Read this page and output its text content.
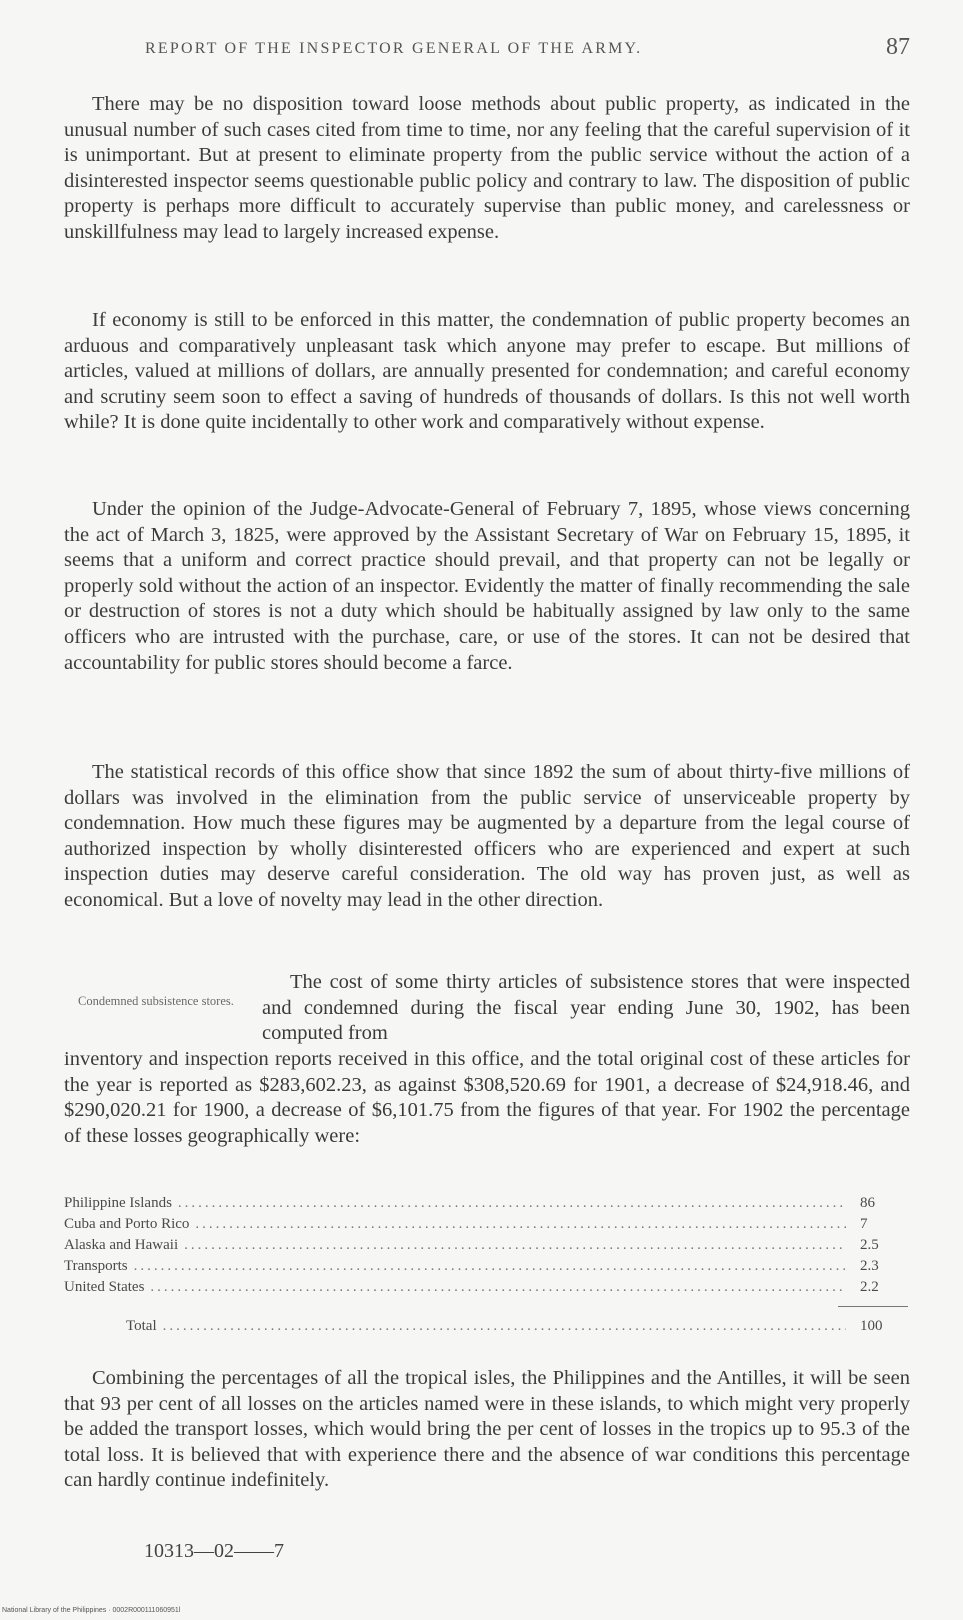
REPORT OF THE INSPECTOR GENERAL OF THE ARMY.	87

There may be no disposition toward loose methods about public property, as indicated in the unusual number of such cases cited from time to time, nor any feeling that the careful supervision of it is unimportant. But at present to eliminate property from the public service without the action of a disinterested inspector seems questionable public policy and contrary to law. The disposition of public property is perhaps more difficult to accurately supervise than public money, and carelessness or unskillfulness may lead to largely increased expense.

If economy is still to be enforced in this matter, the condemnation of public property becomes an arduous and comparatively unpleasant task which anyone may prefer to escape. But millions of articles, valued at millions of dollars, are annually presented for condemnation; and careful economy and scrutiny seem soon to effect a saving of hundreds of thousands of dollars. Is this not well worth while? It is done quite incidentally to other work and comparatively without expense.

Under the opinion of the Judge-Advocate-General of February 7, 1895, whose views concerning the act of March 3, 1825, were approved by the Assistant Secretary of War on February 15, 1895, it seems that a uniform and correct practice should prevail, and that property can not be legally or properly sold without the action of an inspector. Evidently the matter of finally recommending the sale or destruction of stores is not a duty which should be habitually assigned by law only to the same officers who are intrusted with the purchase, care, or use of the stores. It can not be desired that accountability for public stores should become a farce.

The statistical records of this office show that since 1892 the sum of about thirty-five millions of dollars was involved in the elimination from the public service of unserviceable property by condemnation. How much these figures may be augmented by a departure from the legal course of authorized inspection by wholly disinterested officers who are experienced and expert at such inspection duties may deserve careful consideration. The old way has proven just, as well as economical. But a love of novelty may lead in the other direction.

Condemned subsistence stores.

The cost of some thirty articles of subsistence stores that were inspected and condemned during the fiscal year ending June 30, 1902, has been computed from

inventory and inspection reports received in this office, and the total original cost of these articles for the year is reported as $283,602.23, as against $308,520.69 for 1901, a decrease of $24,918.46, and $290,020.21 for 1900, a decrease of $6,101.75 from the figures of that year. For 1902 the percentage of these losses geographically were:

Philippine Islands .....	86
Cuba and Porto Rico .....	7
Alaska and Hawaii .....	2.5
Transports .....	2.3
United States .....	2.2
Total .....	100

Combining the percentages of all the tropical isles, the Philippines and the Antilles, it will be seen that 93 per cent of all losses on the articles named were in these islands, to which might very properly be added the transport losses, which would bring the per cent of losses in the tropics up to 95.3 of the total loss. It is believed that with experience there and the absence of war conditions this percentage can hardly continue indefinitely.

10313—02——7
National Library of the Philippines · 0002R000111060951l
